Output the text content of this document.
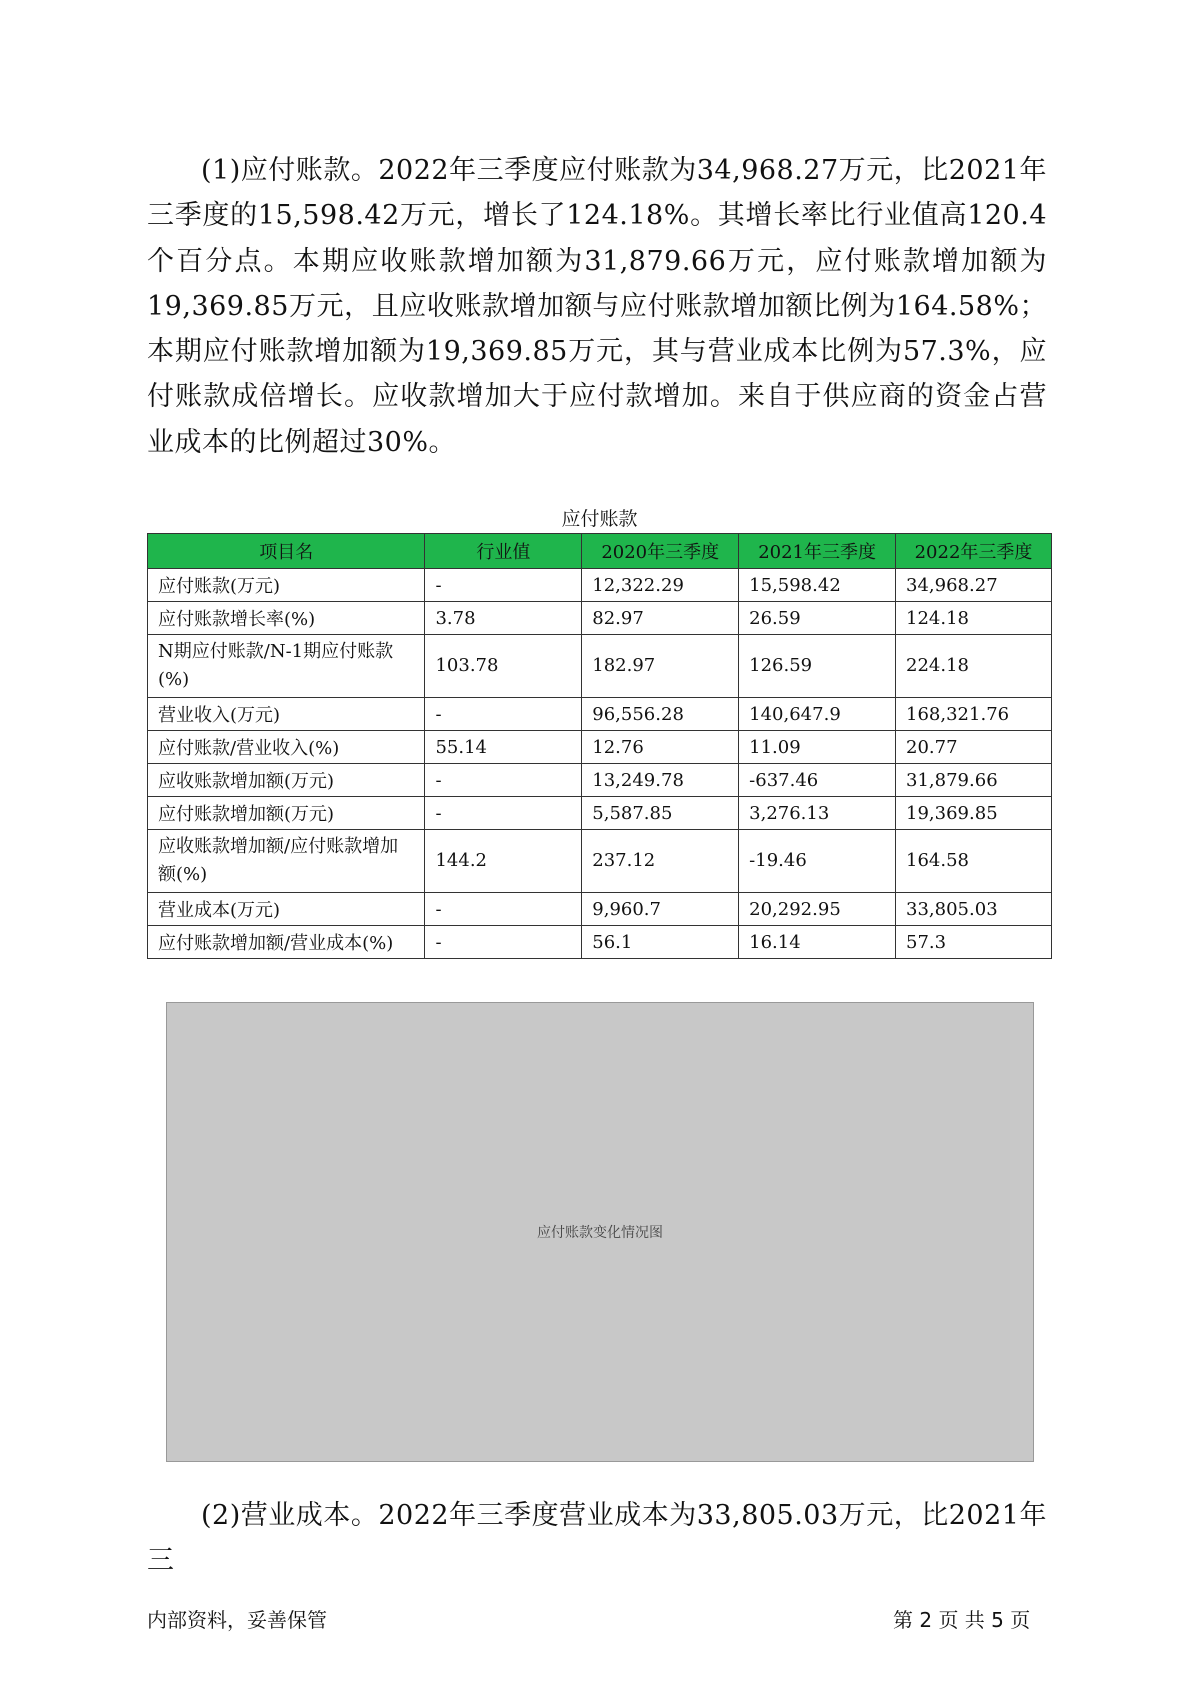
(1)应付账款。2022年三季度应付账款为34,968.27万元，比2021年三季度的15,598.42万元，增长了124.18%。其增长率比行业值高120.4个百分点。本期应收账款增加额为31,879.66万元，应付账款增加额为19,369.85万元，且应收账款增加额与应付账款增加额比例为164.58%；本期应付账款增加额为19,369.85万元，其与营业成本比例为57.3%，应付账款成倍增长。应收款增加大于应付款增加。来自于供应商的资金占营业成本的比例超过30%。

应付账款
项目名	行业值	2020年三季度	2021年三季度	2022年三季度
应付账款(万元)	-	12,322.29	15,598.42	34,968.27
应付账款增长率(%)	3.78	82.97	26.59	124.18
N期应付账款/N-1期应付账款(%)	103.78	182.97	126.59	224.18
营业收入(万元)	-	96,556.28	140,647.9	168,321.76
应付账款/营业收入(%)	55.14	12.76	11.09	20.77
应收账款增加额(万元)	-	13,249.78	-637.46	31,879.66
应付账款增加额(万元)	-	5,587.85	3,276.13	19,369.85
应收账款增加额/应付账款增加额(%)	144.2	237.12	-19.46	164.58
营业成本(万元)	-	9,960.7	20,292.95	33,805.03
应付账款增加额/营业成本(%)	-	56.1	16.14	57.3
应付账款变化情况图

(2)营业成本。2022年三季度营业成本为33,805.03万元，比2021年三

内部资料，妥善保管	第 2 页 共 5 页
